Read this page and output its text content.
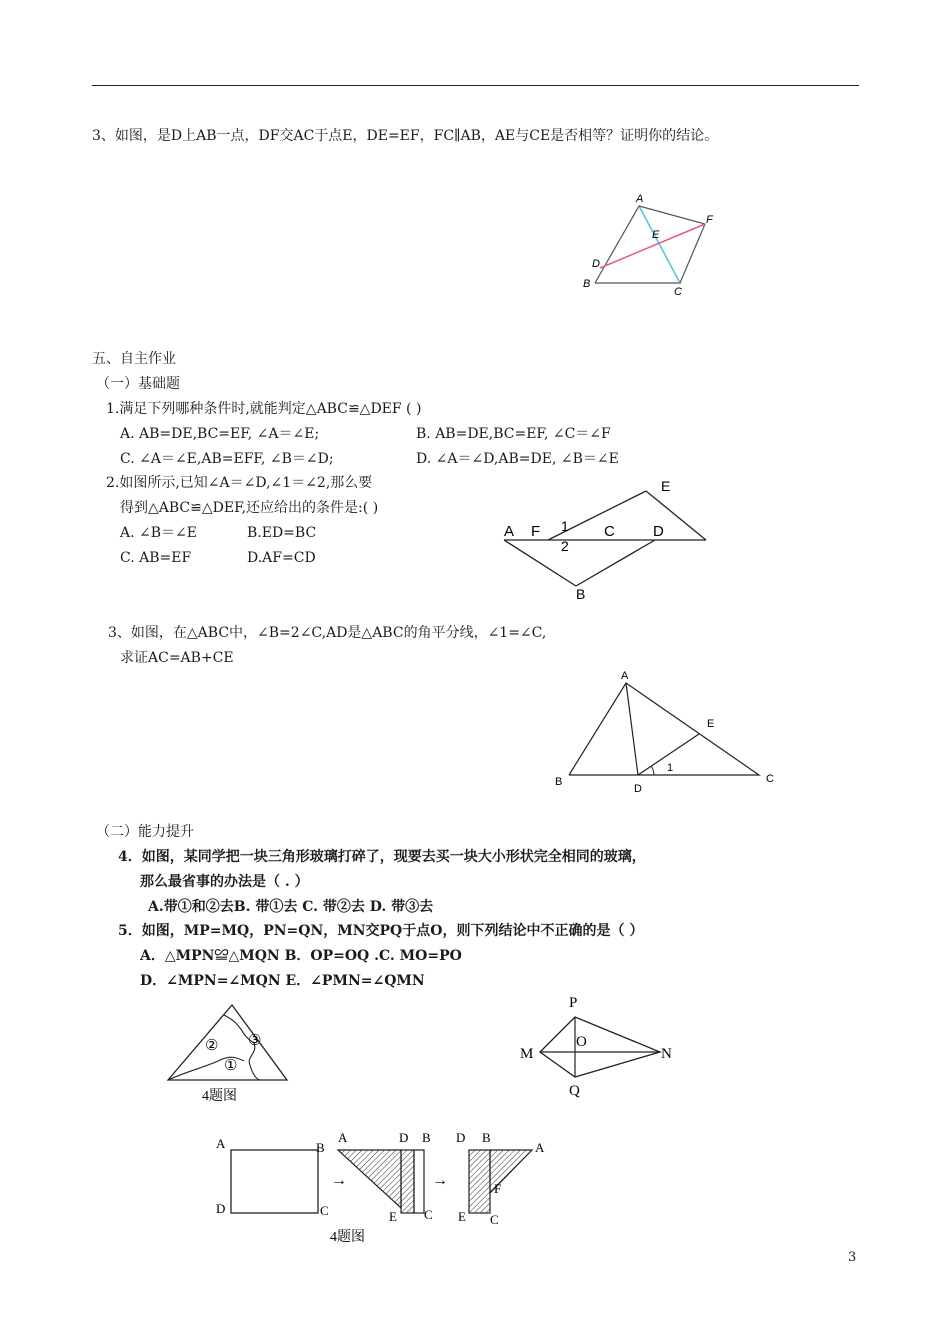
3、如图，是D上AB一点，DF交AC于点E，DE=EF，FC∥AB，AE与CE是否相等？证明你的结论。
A
B
C
D
E
F
五、自主作业
（一）基础题
1.满足下列哪种条件时,就能判定△ABC≌△DEF ( )
A. AB=DE,BC=EF, ∠A＝∠E;	B. AB=DE,BC=EF, ∠C＝∠F
C. ∠A＝∠E,AB=EFF, ∠B＝∠D;	D. ∠A＝∠D,AB=DE, ∠B＝∠E
2.如图所示,已知∠A＝∠D,∠1＝∠2,那么要
得到△ABC≌△DEF,还应给出的条件是:( )
A. ∠B＝∠E	B.ED=BC
C. AB=EF	D.AF=CD
A F 1
2
C	D
E
B
3、如图，在△ABC中，∠B=2∠C,AD是△ABC的角平分线，∠1=∠C,
求证AC=AB+CE
A
B	C
D
E
1
（二）能力提升
4．如图，某同学把一块三角形玻璃打碎了，现要去买一块大小形状完全相同的玻璃，
那么最省事的办法是（ . ）
A.带①和②去B. 带①去 C. 带②去 D. 带③去
5．如图，MP=MQ，PN=QN，MN交PQ于点O，则下列结论中不正确的是（ ）
A．△MPN≌△MQN B．OP=OQ .C. MO=PO
D．∠MPN=∠MQN E．∠PMN=∠QMN
② ③
①
4题图
P
O
M	N
Q
A	B
D	C
→
A	D B
E C
→
D B
A
F
E C
4题图
3
